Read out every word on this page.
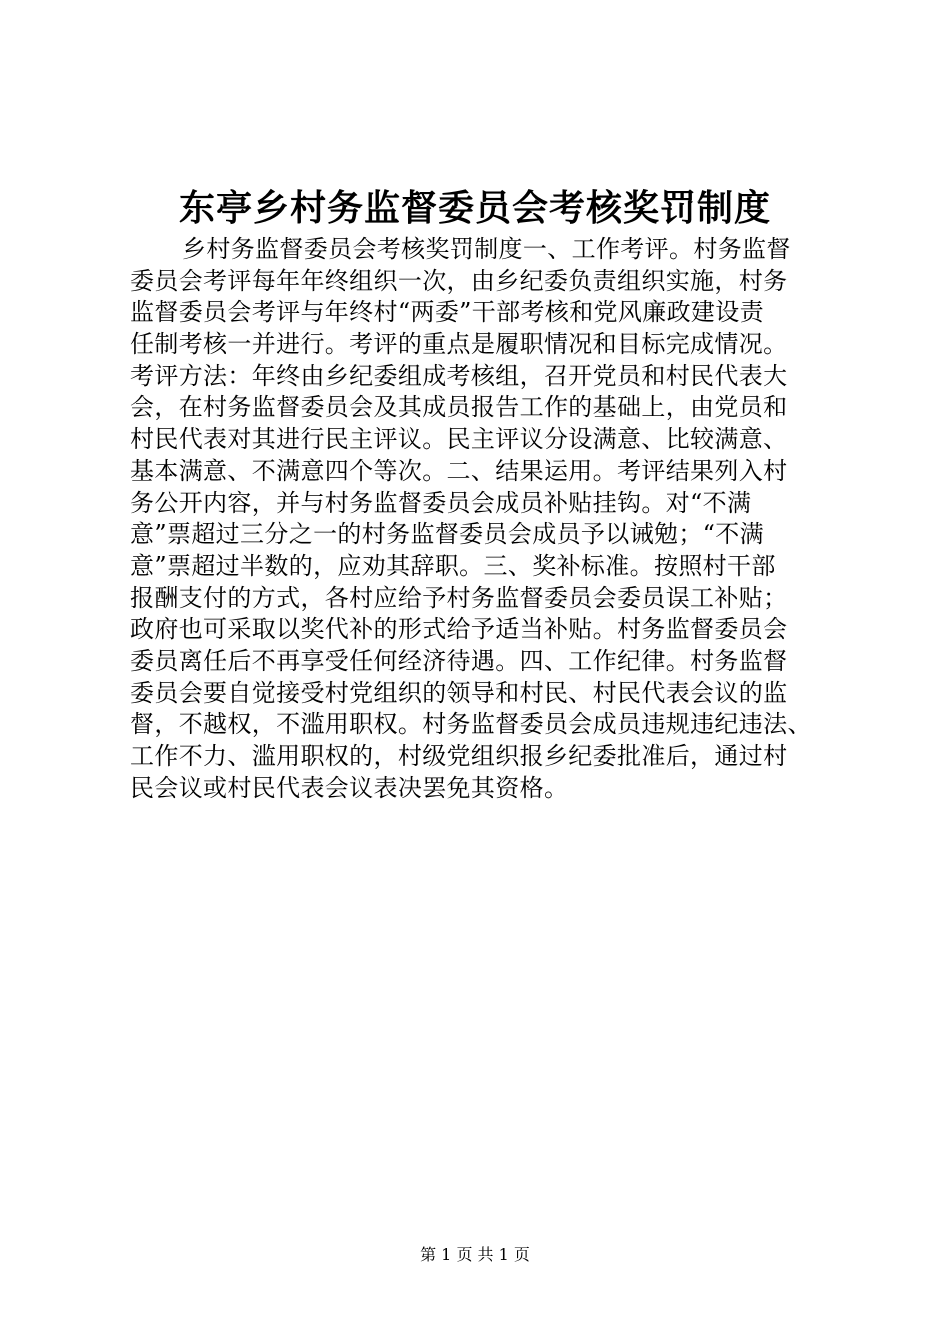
东亭乡村务监督委员会考核奖罚制度
乡村务监督委员会考核奖罚制度一、工作考评。村务监督
委员会考评每年年终组织一次，由乡纪委负责组织实施，村务
监督委员会考评与年终村“两委”干部考核和党风廉政建设责
任制考核一并进行。考评的重点是履职情况和目标完成情况。
考评方法：年终由乡纪委组成考核组，召开党员和村民代表大
会，在村务监督委员会及其成员报告工作的基础上，由党员和
村民代表对其进行民主评议。民主评议分设满意、比较满意、
基本满意、不满意四个等次。二、结果运用。考评结果列入村
务公开内容，并与村务监督委员会成员补贴挂钩。对“不满
意”票超过三分之一的村务监督委员会成员予以诫勉；“不满
意”票超过半数的，应劝其辞职。三、奖补标准。按照村干部
报酬支付的方式，各村应给予村务监督委员会委员误工补贴；
政府也可采取以奖代补的形式给予适当补贴。村务监督委员会
委员离任后不再享受任何经济待遇。四、工作纪律。村务监督
委员会要自觉接受村党组织的领导和村民、村民代表会议的监
督，不越权，不滥用职权。村务监督委员会成员违规违纪违法、
工作不力、滥用职权的，村级党组织报乡纪委批准后，通过村
民会议或村民代表会议表决罢免其资格。
第 1 页 共 1 页
